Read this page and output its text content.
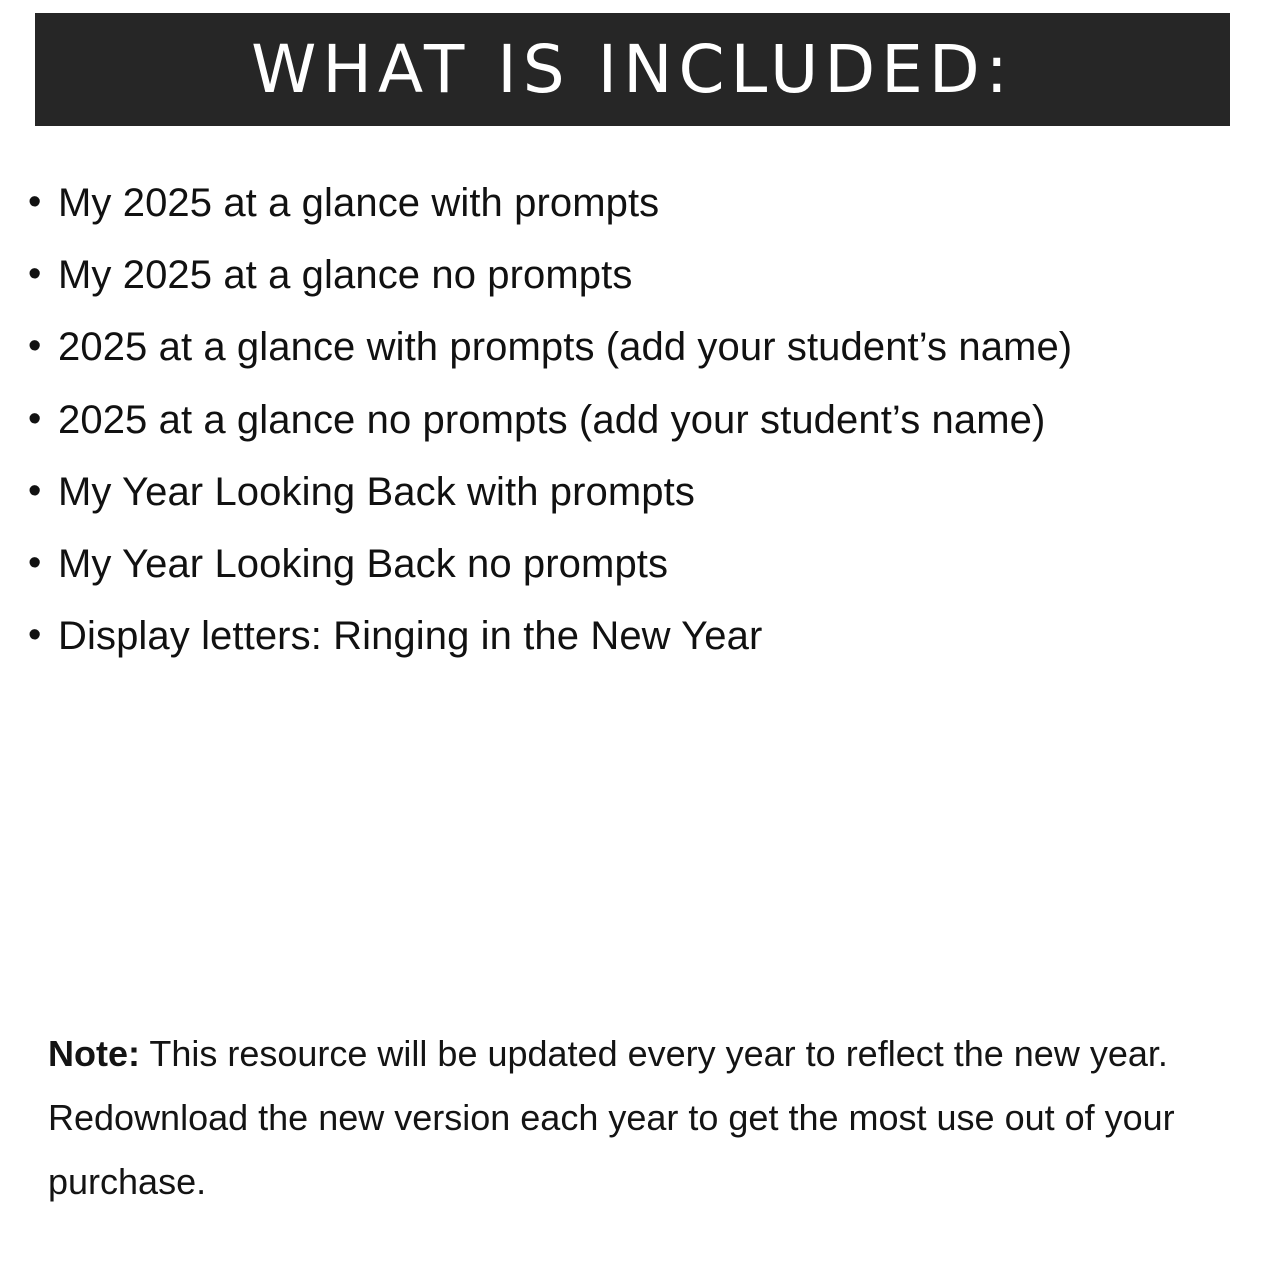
WHAT IS INCLUDED:
• My 2025 at a glance with prompts
• My 2025 at a glance no prompts
• 2025 at a glance with prompts (add your student’s name)
• 2025 at a glance no prompts (add your student’s name)
• My Year Looking Back with prompts
• My Year Looking Back no prompts
• Display letters: Ringing in the New Year
Note: This resource will be updated every year to reflect the new year. Redownload the new version each year to get the most use out of your purchase.
